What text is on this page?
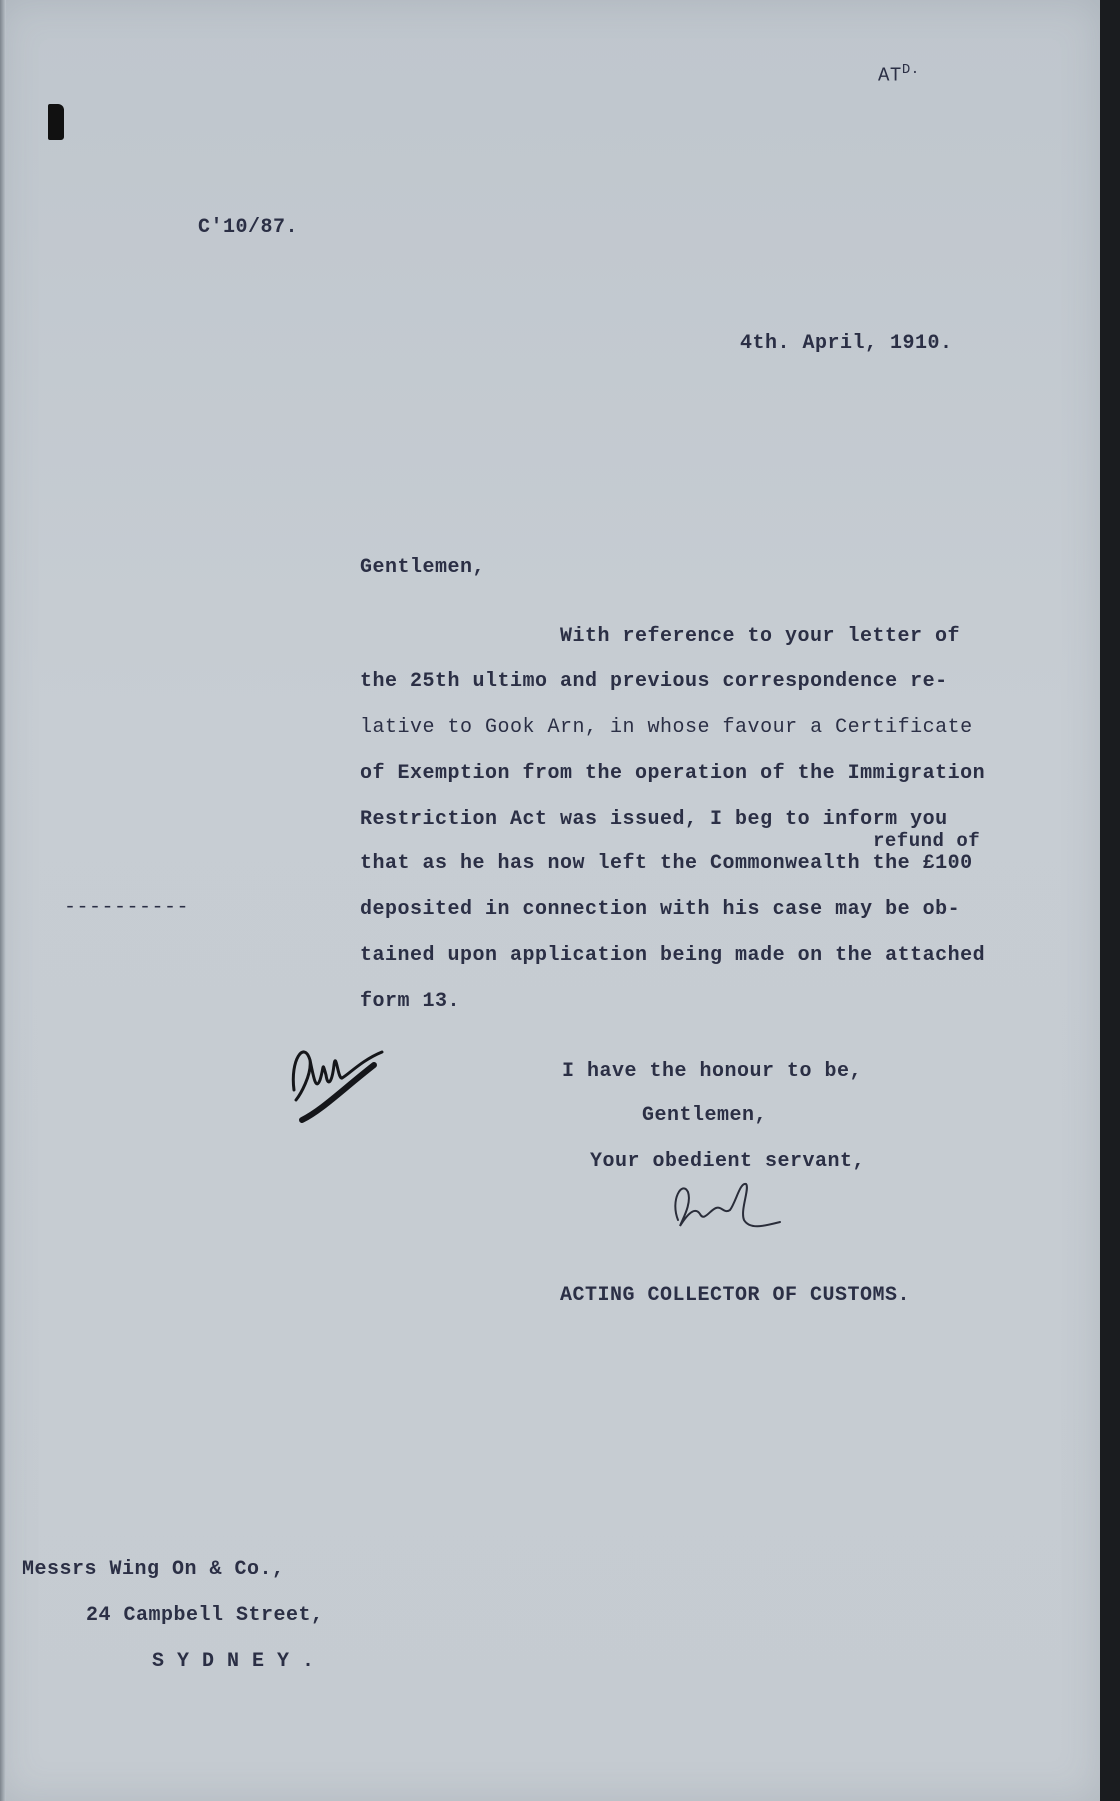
$AT^{D.}$
C'10/87.
4th. April, 1910.
Gentlemen,
With reference to your letter of
the 25th ultimo and previous correspondence re-
lative to Gook Arn, in whose favour a Certificate
of Exemption from the operation of the Immigration
Restriction Act was issued, I beg to inform you
refund of
that as he has now left the Commonwealth the £100
deposited in connection with his case may be ob-
tained upon application being made on the attached
form 13.
----------
I have the honour to be,
Gentlemen,
Your obedient servant,
ACTING COLLECTOR OF CUSTOMS.
Messrs Wing On & Co.,
24 Campbell Street,
S Y D N E Y .
